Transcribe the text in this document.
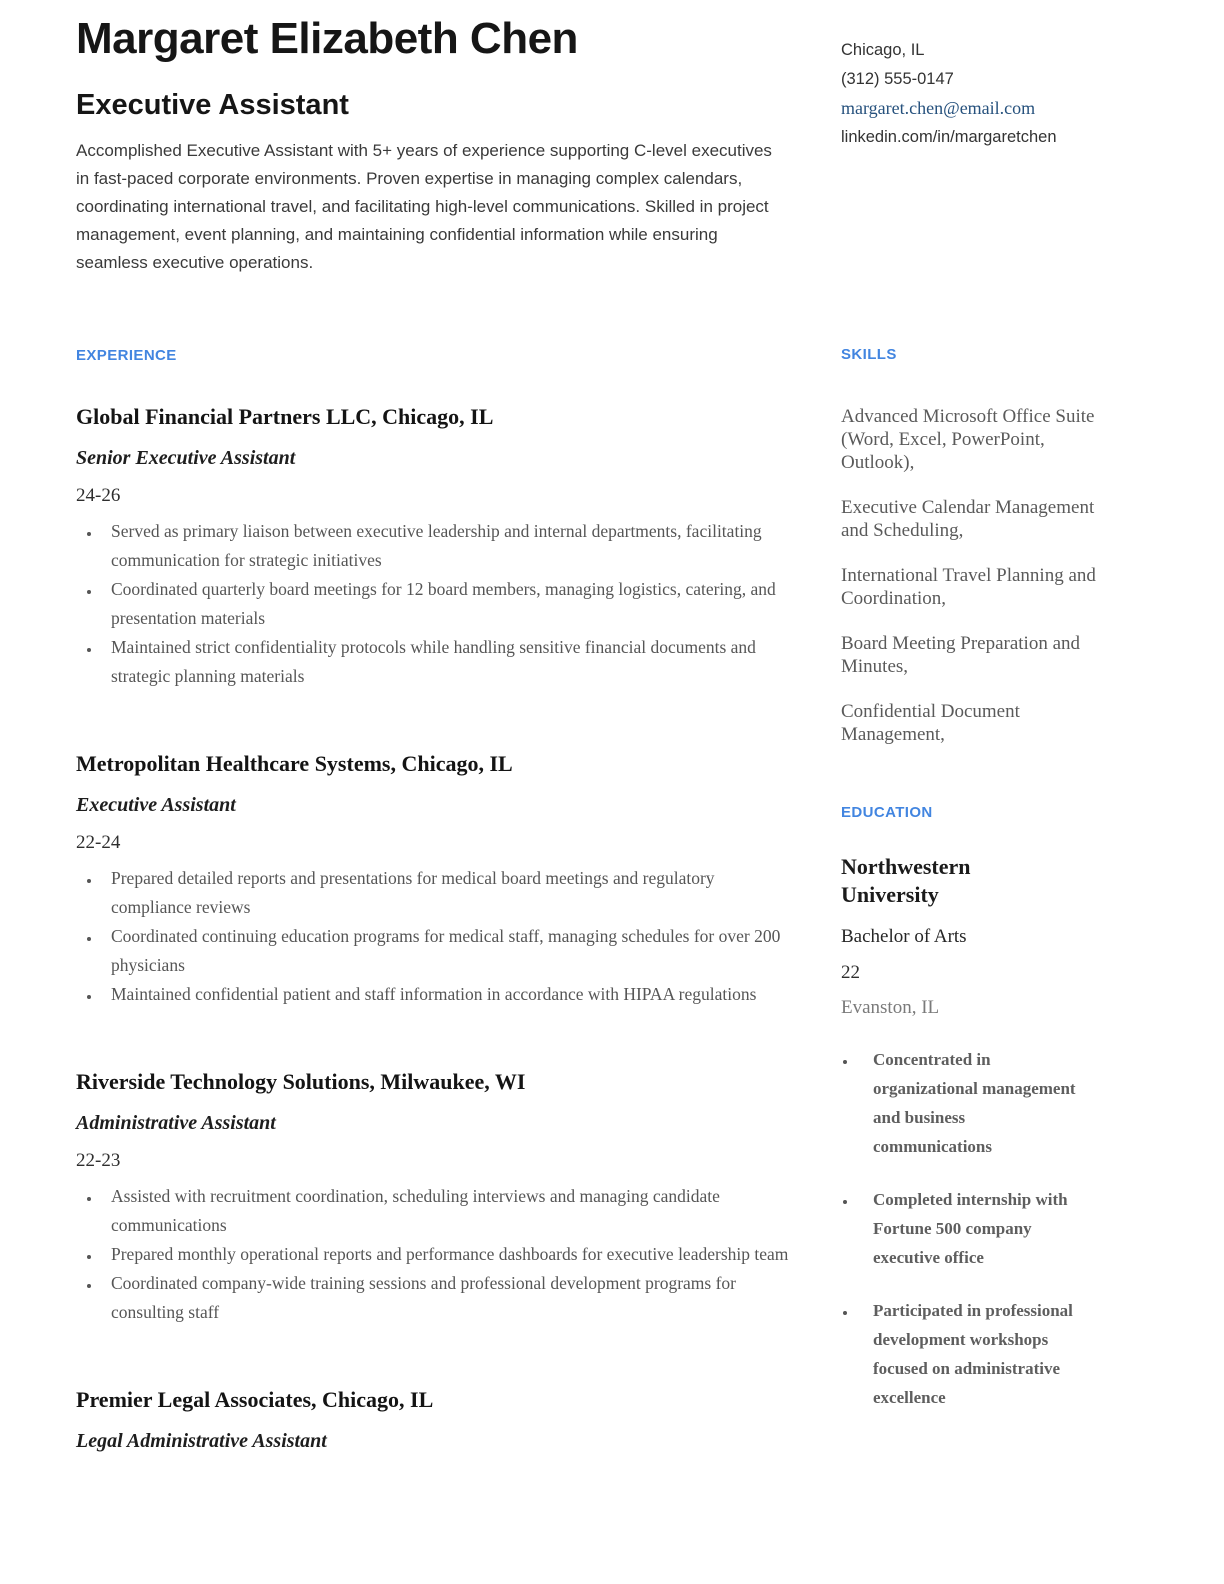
Margaret Elizabeth Chen
Executive Assistant

Accomplished Executive Assistant with 5+ years of experience supporting C-level executives in fast-paced corporate environments. Proven expertise in managing complex calendars, coordinating international travel, and facilitating high-level communications. Skilled in project management, event planning, and maintaining confidential information while ensuring seamless executive operations.

EXPERIENCE
Global Financial Partners LLC, Chicago, IL
Senior Executive Assistant
24-26
• Served as primary liaison between executive leadership and internal departments, facilitating communication for strategic initiatives
• Coordinated quarterly board meetings for 12 board members, managing logistics, catering, and presentation materials
• Maintained strict confidentiality protocols while handling sensitive financial documents and strategic planning materials
Metropolitan Healthcare Systems, Chicago, IL
Executive Assistant
22-24
• Prepared detailed reports and presentations for medical board meetings and regulatory compliance reviews
• Coordinated continuing education programs for medical staff, managing schedules for over 200 physicians
• Maintained confidential patient and staff information in accordance with HIPAA regulations
Riverside Technology Solutions, Milwaukee, WI
Administrative Assistant
22-23
• Assisted with recruitment coordination, scheduling interviews and managing candidate communications
• Prepared monthly operational reports and performance dashboards for executive leadership team
• Coordinated company-wide training sessions and professional development programs for consulting staff
Premier Legal Associates, Chicago, IL
Legal Administrative Assistant
Chicago, IL
(312) 555-0147
margaret.chen@email.com
linkedin.com/in/margaretchen
SKILLS
Advanced Microsoft Office Suite (Word, Excel, PowerPoint, Outlook),
Executive Calendar Management and Scheduling,
International Travel Planning and Coordination,
Board Meeting Preparation and Minutes,
Confidential Document Management,
EDUCATION
Northwestern University
Bachelor of Arts
22
Evanston, IL
• Concentrated in organizational management and business communications
• Completed internship with Fortune 500 company executive office
• Participated in professional development workshops focused on administrative excellence
